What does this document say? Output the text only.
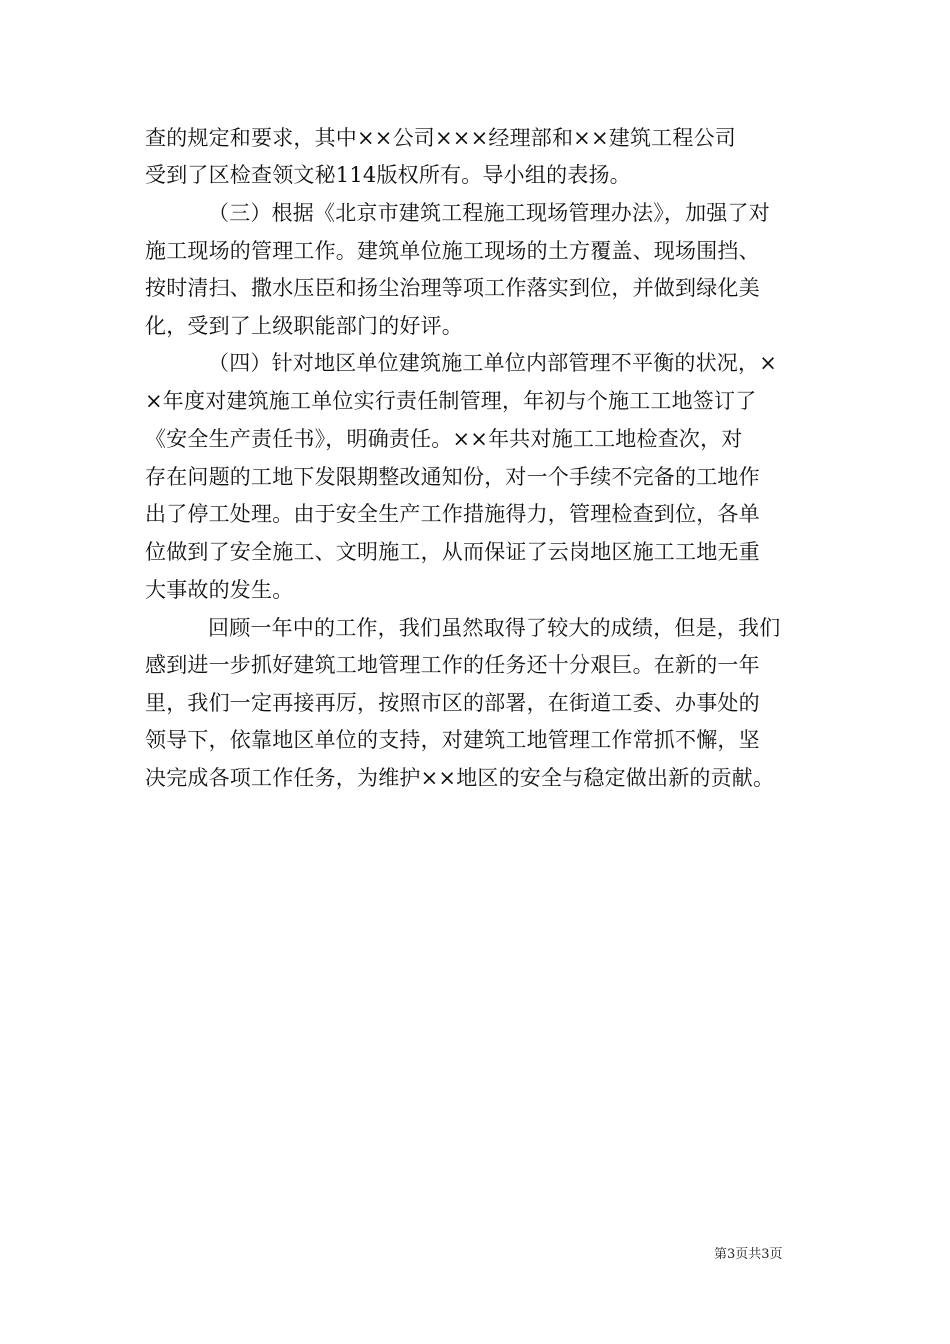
查的规定和要求，其中××公司×××经理部和××建筑工程公司
受到了区检查领文秘114版权所有。导小组的表扬。
（三）根据《北京市建筑工程施工现场管理办法》，加强了对
施工现场的管理工作。建筑单位施工现场的土方覆盖、现场围挡、
按时清扫、撒水压臣和扬尘治理等项工作落实到位，并做到绿化美
化，受到了上级职能部门的好评。
（四）针对地区单位建筑施工单位内部管理不平衡的状况，×
×年度对建筑施工单位实行责任制管理，年初与个施工工地签订了
《安全生产责任书》，明确责任。××年共对施工工地检查次，对
存在问题的工地下发限期整改通知份，对一个手续不完备的工地作
出了停工处理。由于安全生产工作措施得力，管理检查到位，各单
位做到了安全施工、文明施工，从而保证了云岗地区施工工地无重
大事故的发生。
回顾一年中的工作，我们虽然取得了较大的成绩，但是，我们
感到进一步抓好建筑工地管理工作的任务还十分艰巨。在新的一年
里，我们一定再接再厉，按照市区的部署，在街道工委、办事处的
领导下，依靠地区单位的支持，对建筑工地管理工作常抓不懈，坚
决完成各项工作任务，为维护××地区的安全与稳定做出新的贡献。
第3页共3页
